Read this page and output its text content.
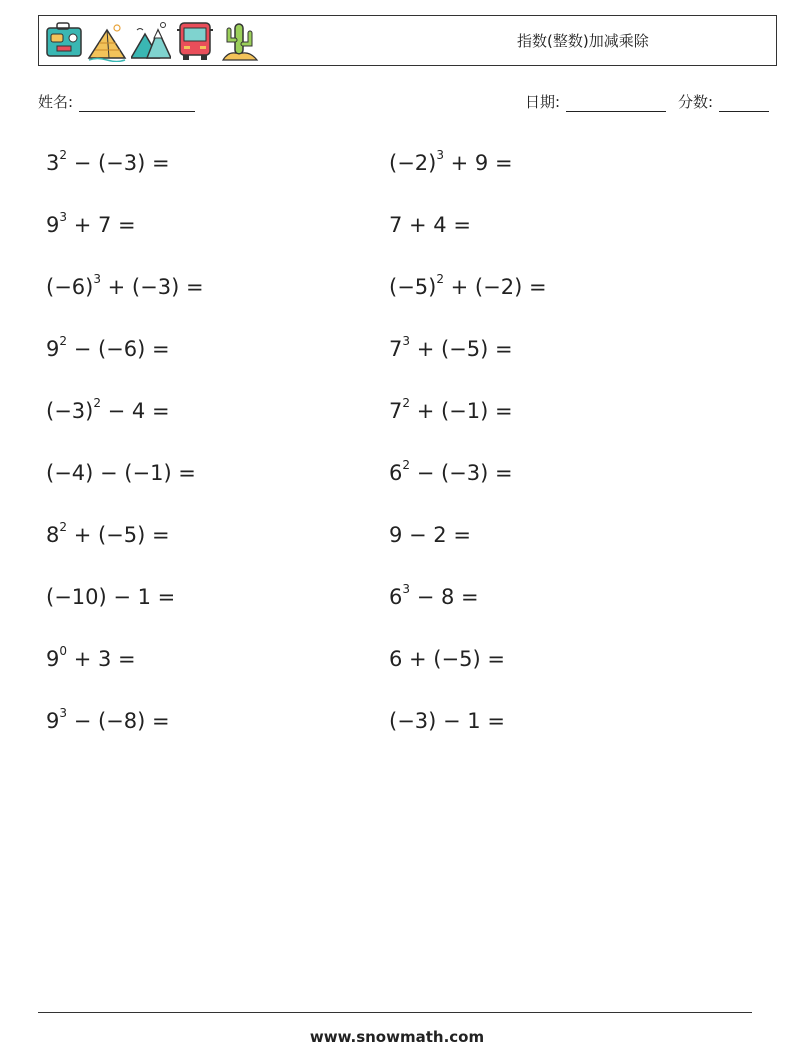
指数(整数)加减乘除
姓名:	日期:	分数:
$3^2 - (-3)$ =
$9^3 + 7$ =
$(-6)^3 + (-3)$ =
$9^2 - (-6)$ =
$(-3)^2 - 4$ =
(−4) − (−1) =
$8^2 + (-5)$ =
(−10) − 1 =
$9^0 + 3$ =
$9^3 - (-8)$ =
$(-2)^3 + 9$ =
7 + 4 =
$(-5)^2 + (-2)$ =
$7^3 + (-5)$ =
$7^2 + (-1)$ =
$6^2 - (-3)$ =
9 − 2 =
$6^3 - 8$ =
6 + (−5) =
(−3) − 1 =
www.snowmath.com
